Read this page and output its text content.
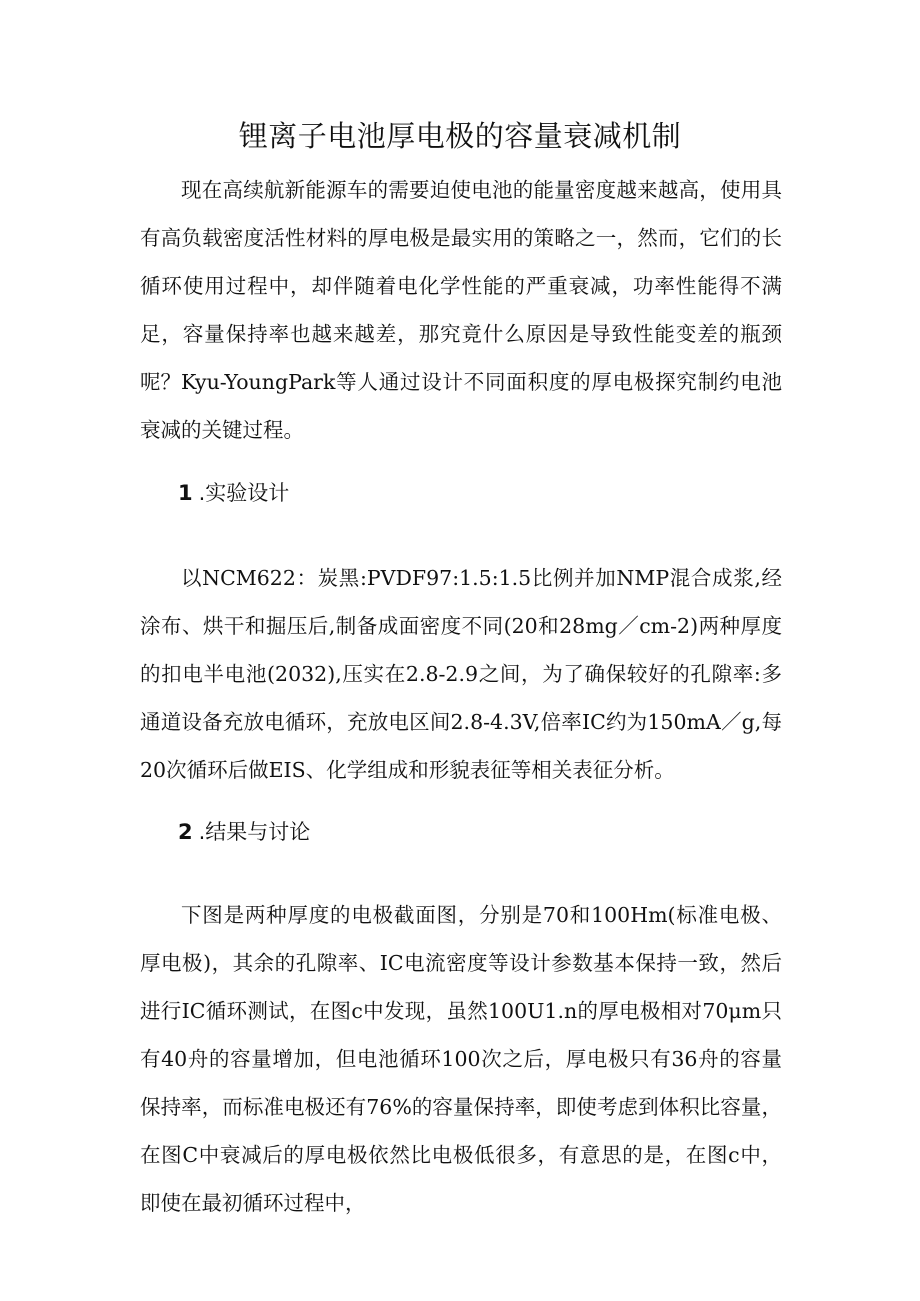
锂离子电池厚电极的容量衰减机制

现在高续航新能源车的需要迫使电池的能量密度越来越高，使用具有高负载密度活性材料的厚电极是最实用的策略之一，然而，它们的长循环使用过程中，却伴随着电化学性能的严重衰减，功率性能得不满足，容量保持率也越来越差，那究竟什么原因是导致性能变差的瓶颈呢？ Kyu-YoungPark等人通过设计不同面积度的厚电极探究制约电池衰减的关键过程。

1 .实验设计

以NCM622：炭黑:PVDF97:1.5:1.5比例并加NMP混合成浆,经涂布、烘干和掘压后,制备成面密度不同(20和28mg／cm-2)两种厚度的扣电半电池(2032),压实在2.8-2.9之间，为了确保较好的孔隙率:多通道设备充放电循环，充放电区间2.8-4.3V,倍率IC约为150mA／g,每20次循环后做EIS、化学组成和形貌表征等相关表征分析。

2 .结果与讨论

下图是两种厚度的电极截面图，分别是70和100Hm(标准电极、厚电极)，其余的孔隙率、IC电流密度等设计参数基本保持一致，然后进行IC循环测试，在图c中发现，虽然100U1.n的厚电极相对70μm只有40舟的容量增加，但电池循环100次之后，厚电极只有36舟的容量保持率，而标准电极还有76%的容量保持率，即使考虑到体积比容量，在图C中衰减后的厚电极依然比电极低很多，有意思的是，在图c中，即使在最初循环过程中，
